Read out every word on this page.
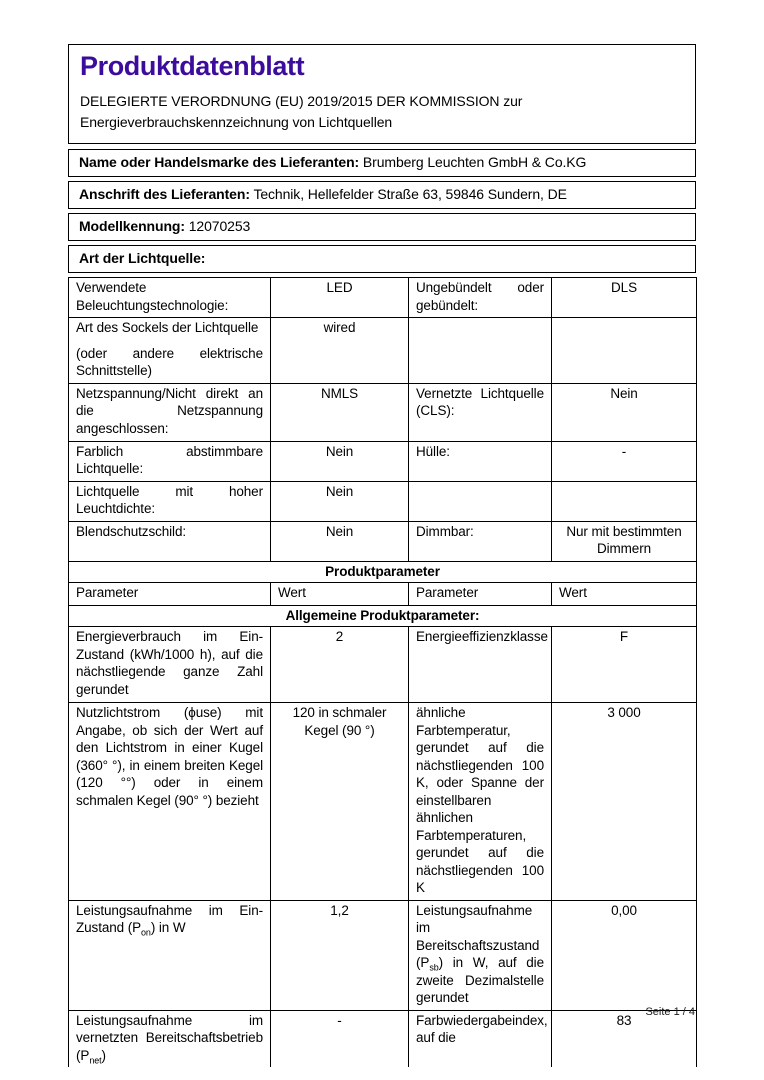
Produktdatenblatt
DELEGIERTE VERORDNUNG (EU) 2019/2015 DER KOMMISSION zur
Energieverbrauchskennzeichnung von Lichtquellen
Name oder Handelsmarke des Lieferanten: Brumberg Leuchten GmbH & Co.KG
Anschrift des Lieferanten: Technik, Hellefelder Straße 63, 59846 Sundern, DE
Modellkennung: 12070253
Art der Lichtquelle:
Verwendete Beleuchtungstechnologie:	LED	Ungebündelt oder gebündelt:	DLS

Art des Sockels der Lichtquelle
(oder andere elektrische Schnittstelle)	wired		
Netzspannung/Nicht direkt an die Netzspannung angeschlossen:	NMLS	Vernetzte Lichtquelle (CLS):	Nein
Farblich abstimmbare Lichtquelle:	Nein	Hülle:	-
Lichtquelle mit hoher Leuchtdichte:	Nein		
Blendschutzschild:	Nein	Dimmbar:	Nur mit bestimmten Dimmern
Produktparameter			
Parameter	Wert	Parameter	Wert
Allgemeine Produktparameter:			
Energieverbrauch im Ein-Zustand (kWh/1000 h), auf die nächstliegende ganze Zahl gerundet	2	Energieeffizienzklasse	F
Nutzlichtstrom (ϕuse) mit Angabe, ob sich der Wert auf den Lichtstrom in einer Kugel (360° °), in einem breiten Kegel (120 °°) oder in einem schmalen Kegel (90° °) bezieht	120 in schmaler Kegel (90 °)	ähnliche Farbtemperatur, gerundet auf die nächstliegenden 100 K, oder Spanne der einstellbaren ähnlichen Farbtemperaturen, gerundet auf die nächstliegenden 100 K	3 000
Leistungsaufnahme im Ein-Zustand $(P_{on})$ in W	1,2	Leistungsaufnahme im Bereitschaftszustand $(P_{sb})$ in W, auf die zweite Dezimalstelle gerundet	0,00
Leistungsaufnahme im vernetzten Bereitschaftsbetrieb $(P_{net})$	-	Farbwiedergabeindex, auf die	83
Seite 1 / 4
